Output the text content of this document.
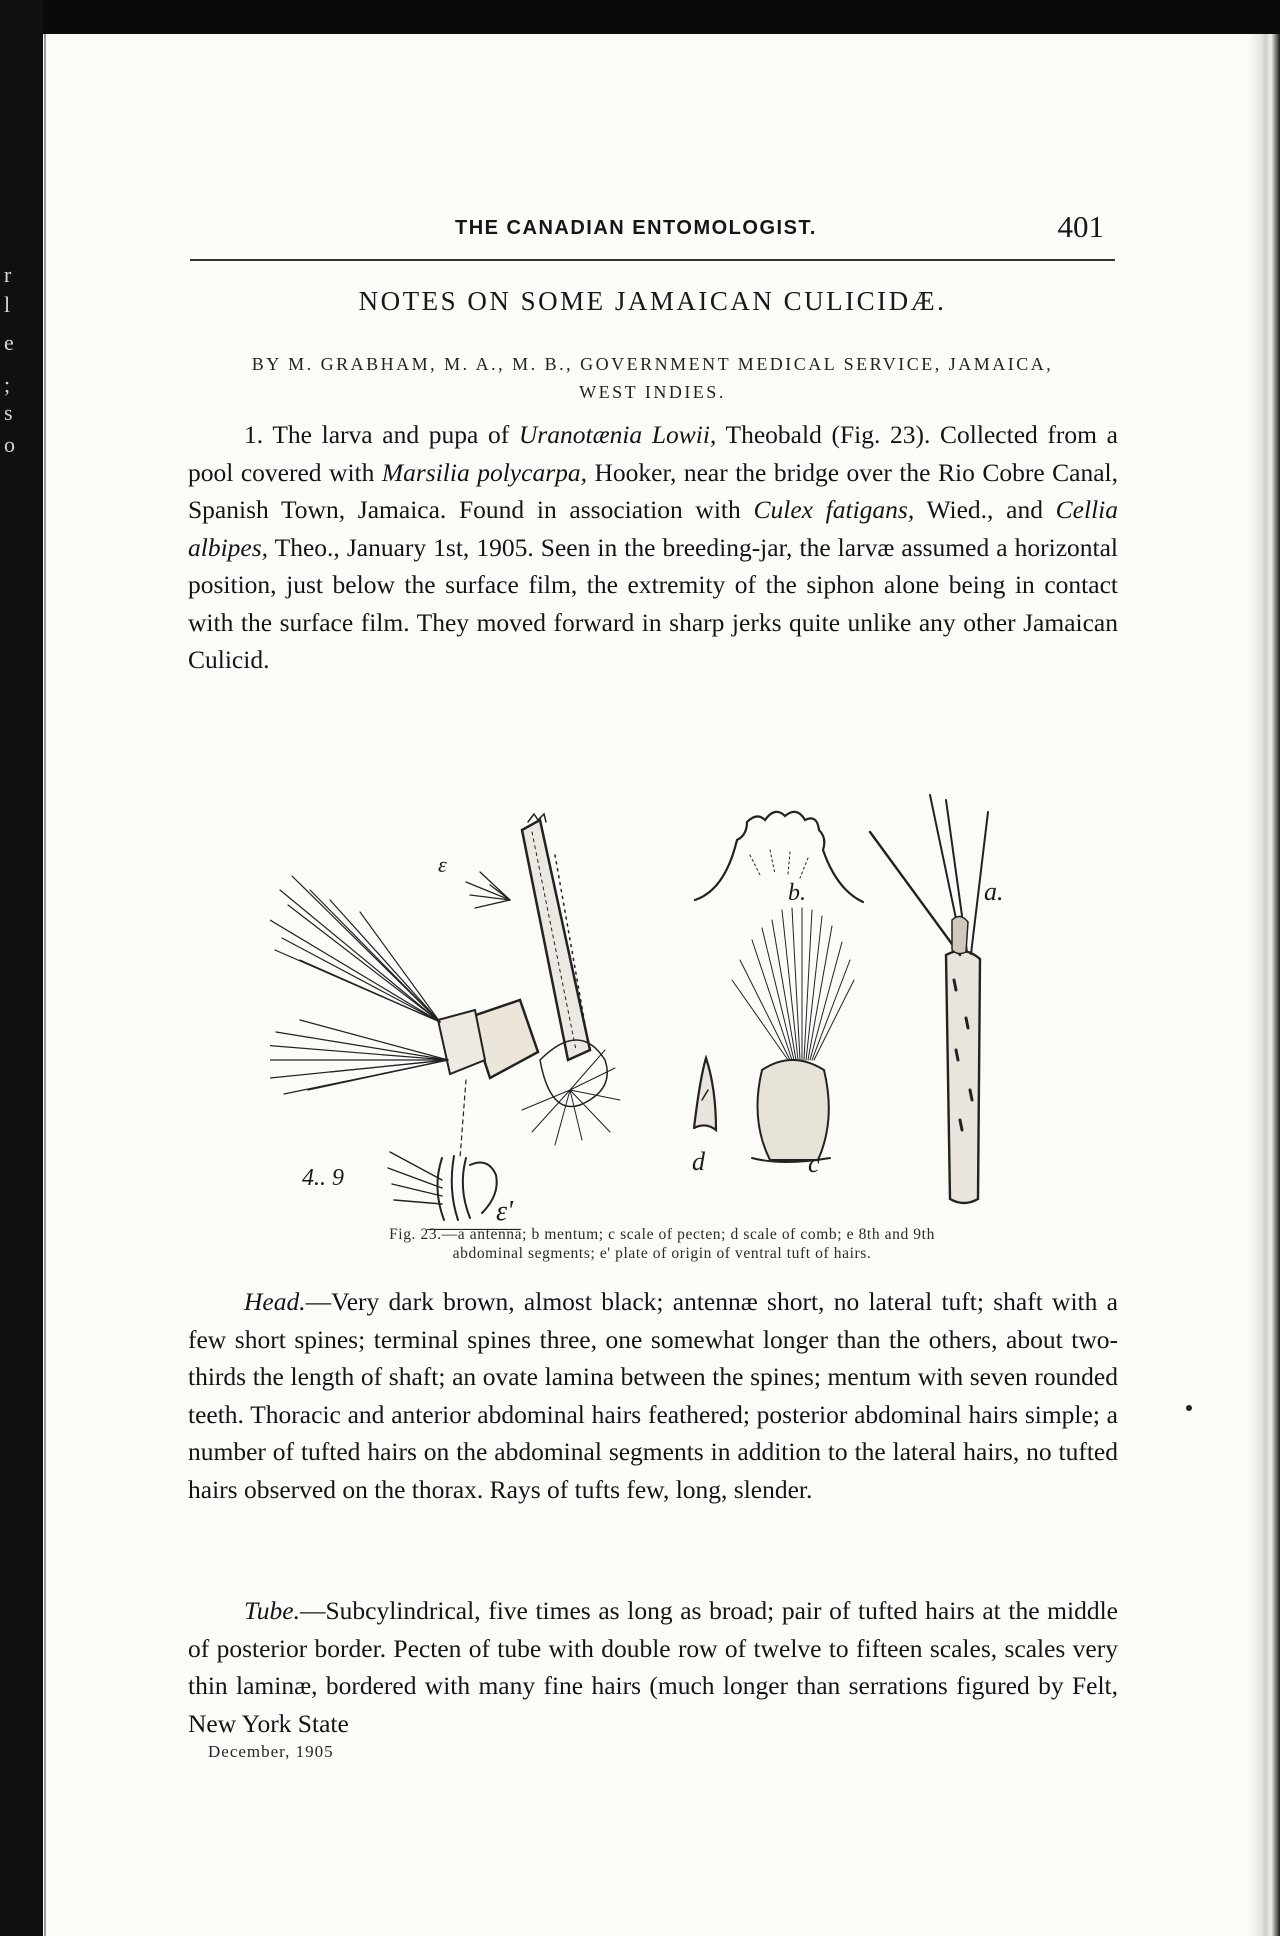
r
l
e
;
s
o
THE CANADIAN ENTOMOLOGIST.	401
NOTES ON SOME JAMAICAN CULICIDÆ.
BY M. GRABHAM, M. A., M. B., GOVERNMENT MEDICAL SERVICE, JAMAICA,
WEST INDIES.

1. The larva and pupa of Uranotænia Lowii, Theobald (Fig. 23). Collected from a pool covered with Marsilia polycarpa, Hooker, near the bridge over the Rio Cobre Canal, Spanish Town, Jamaica. Found in association with Culex fatigans, Wied., and Cellia albipes, Theo., January 1st, 1905. Seen in the breeding-jar, the larvæ assumed a horizontal position, just below the surface film, the extremity of the siphon alone being in contact with the surface film. They moved forward in sharp jerks quite unlike any other Jamaican Culicid.

ε
ε'
b.	a.
c
d
4.. 9
Fig. 23.—a antenna; b mentum; c scale of pecten; d scale of comb; e 8th and 9th
abdominal segments; e' plate of origin of ventral tuft of hairs.

Head.—Very dark brown, almost black; antennæ short, no lateral tuft; shaft with a few short spines; terminal spines three, one somewhat longer than the others, about two-thirds the length of shaft; an ovate lamina between the spines; mentum with seven rounded teeth. Thoracic and anterior abdominal hairs feathered; posterior abdominal hairs simple; a number of tufted hairs on the abdominal segments in addition to the lateral hairs, no tufted hairs observed on the thorax. Rays of tufts few, long, slender.

Tube.—Subcylindrical, five times as long as broad; pair of tufted hairs at the middle of posterior border. Pecten of tube with double row of twelve to fifteen scales, scales very thin laminæ, bordered with many fine hairs (much longer than serrations figured by Felt, New York State

December, 1905
